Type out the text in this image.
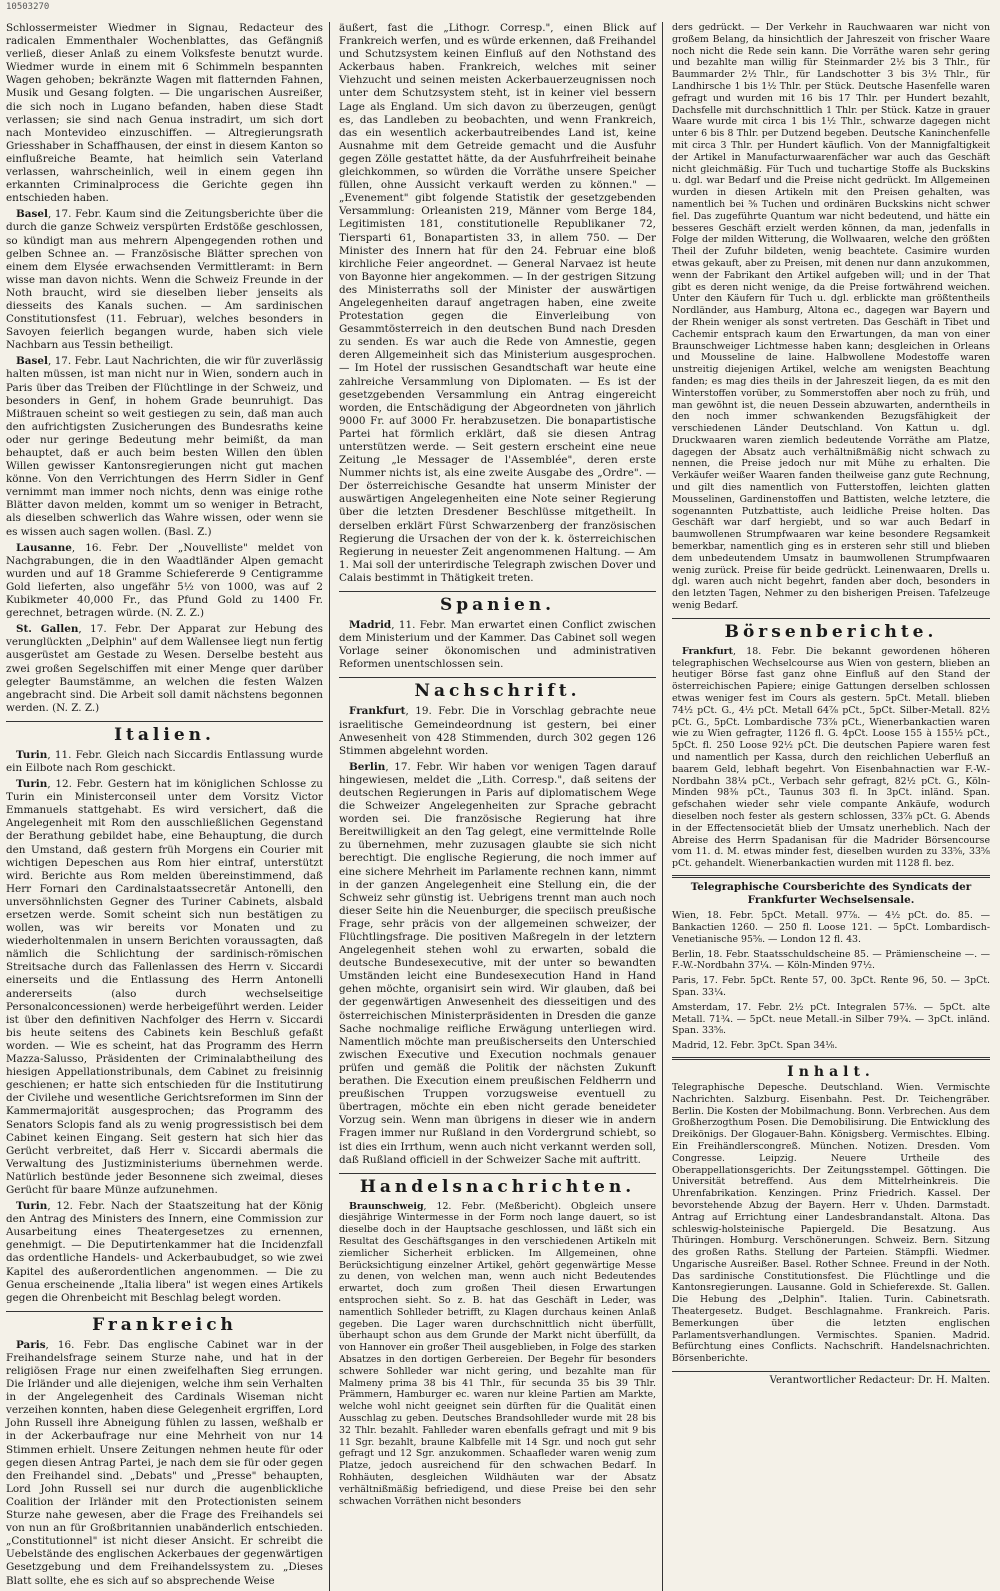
10503270

Schlossermeister Wiedmer in Signau, Redacteur des radicalen Emmenthaler Wochenblattes, das Gefängniß verließ, dieser Anlaß zu einem Volksfeste benutzt wurde. Wiedmer wurde in einem mit 6 Schimmeln bespannten Wagen gehoben; bekränzte Wagen mit flatternden Fahnen, Musik und Gesang folgten. — Die ungarischen Ausreißer, die sich noch in Lugano befanden, haben diese Stadt verlassen; sie sind nach Genua instradirt, um sich dort nach Montevideo einzuschiffen. — Altregierungsrath Griesshaber in Schaffhausen, der einst in diesem Kanton so einflußreiche Beamte, hat heimlich sein Vaterland verlassen, wahrscheinlich, weil in einem gegen ihn erkannten Criminalprocess die Gerichte gegen ihn entschieden haben.

Basel, 17. Febr. Kaum sind die Zeitungsberichte über die durch die ganze Schweiz verspürten Erdstöße geschlossen, so kündigt man aus mehrern Alpengegenden rothen und gelben Schnee an. — Französische Blätter sprechen von einem dem Elysée erwachsenden Vermittleramt: in Bern wisse man davon nichts. Wenn die Schweiz Freunde in der Noth braucht, wird sie dieselben lieber jenseits als diesseits des Kanals suchen. — Am sardinischen Constitutionsfest (11. Februar), welches besonders in Savoyen feierlich begangen wurde, haben sich viele Nachbarn aus Tessin betheiligt.

Basel, 17. Febr. Laut Nachrichten, die wir für zuverlässig halten müssen, ist man nicht nur in Wien, sondern auch in Paris über das Treiben der Flüchtlinge in der Schweiz, und besonders in Genf, in hohem Grade beunruhigt. Das Mißtrauen scheint so weit gestiegen zu sein, daß man auch den aufrichtigsten Zusicherungen des Bundesraths keine oder nur geringe Bedeutung mehr beimißt, da man behauptet, daß er auch beim besten Willen den üblen Willen gewisser Kantonsregierungen nicht gut machen könne. Von den Verrichtungen des Herrn Sidler in Genf vernimmt man immer noch nichts, denn was einige rothe Blätter davon melden, kommt um so weniger in Betracht, als dieselben schwerlich das Wahre wissen, oder wenn sie es wissen auch sagen wollen. (Basl. Z.)

Lausanne, 16. Febr. Der „Nouvelliste" meldet von Nachgrabungen, die in den Waadtländer Alpen gemacht wurden und auf 18 Gramme Schiefererde 9 Centigramme Gold lieferten, also ungefähr 5½ von 1000, was auf 2 Kubikmeter 40,000 Fr., das Pfund Gold zu 1400 Fr. gerechnet, betragen würde. (N. Z. Z.)

St. Gallen, 17. Febr. Der Apparat zur Hebung des verunglückten „Delphin" auf dem Wallensee liegt nun fertig ausgerüstet am Gestade zu Wesen. Derselbe besteht aus zwei großen Segelschiffen mit einer Menge quer darüber gelegter Baumstämme, an welchen die festen Walzen angebracht sind. Die Arbeit soll damit nächstens begonnen werden. (N. Z. Z.)

Italien.

Turin, 11. Febr. Gleich nach Siccardis Entlassung wurde ein Eilbote nach Rom geschickt.

Turin, 12. Febr. Gestern hat im königlichen Schlosse zu Turin ein Ministerconseil unter dem Vorsitz Victor Emmanuels stattgehabt. Es wird versichert, daß die Angelegenheit mit Rom den ausschließlichen Gegenstand der Berathung gebildet habe, eine Behauptung, die durch den Umstand, daß gestern früh Morgens ein Courier mit wichtigen Depeschen aus Rom hier eintraf, unterstützt wird. Berichte aus Rom melden übereinstimmend, daß Herr Fornari den Cardinalstaatssecretär Antonelli, den unversöhnlichsten Gegner des Turiner Cabinets, alsbald ersetzen werde. Somit scheint sich nun bestätigen zu wollen, was wir bereits vor Monaten und zu wiederholtenmalen in unsern Berichten voraussagten, daß nämlich die Schlichtung der sardinisch-römischen Streitsache durch das Fallenlassen des Herrn v. Siccardi einerseits und die Entlassung des Herrn Antonelli andererseits (also durch wechselseitige Personalconcessionen) werde herbeigeführt werden. Leider ist über den definitiven Nachfolger des Herrn v. Siccardi bis heute seitens des Cabinets kein Beschluß gefaßt worden. — Wie es scheint, hat das Programm des Herrn Mazza-Salusso, Präsidenten der Criminalabtheilung des hiesigen Appellationstribunals, dem Cabinet zu freisinnig geschienen; er hatte sich entschieden für die Institutirung der Civilehe und wesentliche Gerichtsreformen im Sinn der Kammermajorität ausgesprochen; das Programm des Senators Sclopis fand als zu wenig progressistisch bei dem Cabinet keinen Eingang. Seit gestern hat sich hier das Gerücht verbreitet, daß Herr v. Siccardi abermals die Verwaltung des Justizministeriums übernehmen werde. Natürlich bestünde jeder Besonnene sich zweimal, dieses Gerücht für baare Münze aufzunehmen.

Turin, 12. Febr. Nach der Staatszeitung hat der König den Antrag des Ministers des Innern, eine Commission zur Ausarbeitung eines Theatergesetzes zu ernennen, genehmigt. — Die Deputirtenkammer hat die Incidenzfall das ordentliche Handels- und Ackerbaubudget, so wie zwei Kapitel des außerordentlichen angenommen. — Die zu Genua erscheinende „Italia libera" ist wegen eines Artikels gegen die Ohrenbeicht mit Beschlag belegt worden.

Frankreich

Paris, 16. Febr. Das englische Cabinet war in der Freihandelsfrage seinem Sturze nahe, und hat in der religiösen Frage nur einen zweifelhaften Sieg errungen. Die Irländer und alle diejenigen, welche ihm sein Verhalten in der Angelegenheit des Cardinals Wiseman nicht verzeihen konnten, haben diese Gelegenheit ergriffen, Lord John Russell ihre Abneigung fühlen zu lassen, weßhalb er in der Ackerbaufrage nur eine Mehrheit von nur 14 Stimmen erhielt. Unsere Zeitungen nehmen heute für oder gegen diesen Antrag Partei, je nach dem sie für oder gegen den Freihandel sind. „Debats" und „Presse" behaupten, Lord John Russell sei nur durch die augenblickliche Coalition der Irländer mit den Protectionisten seinem Sturze nahe gewesen, aber die Frage des Freihandels sei von nun an für Großbritannien unabänderlich entschieden. „Constitutionnel" ist nicht dieser Ansicht. Er schreibt die Uebelstände des englischen Ackerbaues der gegenwärtigen Gesetzgebung und dem Freihandelssystem zu. „Dieses Blatt sollte, ehe es sich auf so absprechende Weise

äußert, fast die „Lithogr. Corresp.", einen Blick auf Frankreich werfen, und es würde erkennen, daß Freihandel und Schutzsystem keinen Einfluß auf den Nothstand des Ackerbaus haben. Frankreich, welches mit seiner Viehzucht und seinen meisten Ackerbauerzeugnissen noch unter dem Schutzsystem steht, ist in keiner viel bessern Lage als England. Um sich davon zu überzeugen, genügt es, das Landleben zu beobachten, und wenn Frankreich, das ein wesentlich ackerbautreibendes Land ist, keine Ausnahme mit dem Getreide gemacht und die Ausfuhr gegen Zölle gestattet hätte, da der Ausfuhrfreiheit beinahe gleichkommen, so würden die Vorräthe unsere Speicher füllen, ohne Aussicht verkauft werden zu können." — „Evenement" gibt folgende Statistik der gesetzgebenden Versammlung: Orleanisten 219, Männer vom Berge 184, Legitimisten 181, constitutionelle Republikaner 72, Tiersparti 61, Bonapartisten 33, in allem 750. — Der Minister des Innern hat für den 24. Februar eine bloß kirchliche Feier angeordnet. — General Narvaez ist heute von Bayonne hier angekommen. — In der gestrigen Sitzung des Ministerraths soll der Minister der auswärtigen Angelegenheiten darauf angetragen haben, eine zweite Protestation gegen die Einverleibung von Gesammtösterreich in den deutschen Bund nach Dresden zu senden. Es war auch die Rede von Amnestie, gegen deren Allgemeinheit sich das Ministerium ausgesprochen. — Im Hotel der russischen Gesandtschaft war heute eine zahlreiche Versammlung von Diplomaten. — Es ist der gesetzgebenden Versammlung ein Antrag eingereicht worden, die Entschädigung der Abgeordneten von jährlich 9000 Fr. auf 3000 Fr. herabzusetzen. Die bonapartistische Partei hat förmlich erklärt, daß sie diesen Antrag unterstützen werde. — Seit gestern erscheint eine neue Zeitung „le Messager de l'Assemblée", deren erste Nummer nichts ist, als eine zweite Ausgabe des „Ordre". — Der österreichische Gesandte hat unserm Minister der auswärtigen Angelegenheiten eine Note seiner Regierung über die letzten Dresdener Beschlüsse mitgetheilt. In derselben erklärt Fürst Schwarzenberg der französischen Regierung die Ursachen der von der k. k. österreichischen Regierung in neuester Zeit angenommenen Haltung. — Am 1. Mai soll der unterirdische Telegraph zwischen Dover und Calais bestimmt in Thätigkeit treten.

Spanien.

Madrid, 11. Febr. Man erwartet einen Conflict zwischen dem Ministerium und der Kammer. Das Cabinet soll wegen Vorlage seiner ökonomischen und administrativen Reformen unentschlossen sein.

Nachschrift.

Frankfurt, 19. Febr. Die in Vorschlag gebrachte neue israelitische Gemeindeordnung ist gestern, bei einer Anwesenheit von 428 Stimmenden, durch 302 gegen 126 Stimmen abgelehnt worden.

Berlin, 17. Febr. Wir haben vor wenigen Tagen darauf hingewiesen, meldet die „Lith. Corresp.", daß seitens der deutschen Regierungen in Paris auf diplomatischem Wege die Schweizer Angelegenheiten zur Sprache gebracht worden sei. Die französische Regierung hat ihre Bereitwilligkeit an den Tag gelegt, eine vermittelnde Rolle zu übernehmen, mehr zuzusagen glaubte sie sich nicht berechtigt. Die englische Regierung, die noch immer auf eine sichere Mehrheit im Parlamente rechnen kann, nimmt in der ganzen Angelegenheit eine Stellung ein, die der Schweiz sehr günstig ist. Uebrigens trennt man auch noch dieser Seite hin die Neuenburger, die speciisch preußische Frage, sehr präcis von der allgemeinen schweizer, der Flüchtlingsfrage. Die positiven Maßregeln in der letztern Angelegenheit stehen wohl zu erwarten, sobald die deutsche Bundesexecutive, mit der unter so bewandten Umständen leicht eine Bundesexecution Hand in Hand gehen möchte, organisirt sein wird. Wir glauben, daß bei der gegenwärtigen Anwesenheit des diesseitigen und des österreichischen Ministerpräsidenten in Dresden die ganze Sache nochmalige reifliche Erwägung unterliegen wird. Namentlich möchte man preußischerseits den Unterschied zwischen Executive und Execution nochmals genauer prüfen und gemäß die Politik der nächsten Zukunft berathen. Die Execution einem preußischen Feldherrn und preußischen Truppen vorzugsweise eventuell zu übertragen, möchte ein eben nicht gerade beneideter Vorzug sein. Wenn man übrigens in dieser wie in andern Fragen immer nur Rußland in den Vordergrund schiebt, so ist dies ein Irrthum, wenn auch nicht verkannt werden soll, daß Rußland officiell in der Schweizer Sache mit auftritt.

Handelsnachrichten.

Braunschweig, 12. Febr. (Meßbericht). Obgleich unsere diesjährige Wintermesse in der Form noch lange dauert, so ist dieselbe doch in der Hauptsache geschlossen, und läßt sich ein Resultat des Geschäftsganges in den verschiedenen Artikeln mit ziemlicher Sicherheit erblicken. Im Allgemeinen, ohne Berücksichtigung einzelner Artikel, gehört gegenwärtige Messe zu denen, von welchen man, wenn auch nicht Bedeutendes erwartet, doch zum großen Theil diesen Erwartungen entsprochen sieht. So z. B. hat das Geschäft in Leder, was namentlich Sohlleder betrifft, zu Klagen durchaus keinen Anlaß gegeben. Die Lager waren durchschnittlich nicht überfüllt, überhaupt schon aus dem Grunde der Markt nicht überfüllt, da von Hannover ein großer Theil ausgeblieben, in Folge des starken Absatzes in den dortigen Gerbereien. Der Begehr für besonders schwere Sohlleder war nicht gering, und bezahlte man für Malmeny prima 38 bis 41 Thlr., für secunda 35 bis 39 Thlr. Prämmern, Hamburger ec. waren nur kleine Partien am Markte, welche wohl nicht geeignet sein dürften für die Qualität einen Ausschlag zu geben. Deutsches Brandsohlleder wurde mit 28 bis 32 Thlr. bezahlt. Fahlleder waren ebenfalls gefragt und mit 9 bis 11 Sgr. bezahlt, braune Kalbfelle mit 14 Sgr. und noch gut sehr gefragt und 12 Sgr. anzukommen. Schaafleder waren wenig zum Platze, jedoch ausreichend für den schwachen Bedarf. In Rohhäuten, desgleichen Wildhäuten war der Absatz verhältnißmäßig befriedigend, und diese Preise bei den sehr schwachen Vorräthen nicht besonders

ders gedrückt. — Der Verkehr in Rauchwaaren war nicht von großem Belang, da hinsichtlich der Jahreszeit von frischer Waare noch nicht die Rede sein kann. Die Vorräthe waren sehr gering und bezahlte man willig für Steinmarder 2½ bis 3 Thlr., für Baummarder 2½ Thlr., für Landschotter 3 bis 3½ Thlr., für Landhirsche 1 bis 1½ Thlr. per Stück. Deutsche Hasenfelle waren gefragt und wurden mit 16 bis 17 Thlr. per Hundert bezahlt, Dachsfelle mit durchschnittlich 1 Thlr. per Stück. Katze in grauer Waare wurde mit circa 1 bis 1½ Thlr., schwarze dagegen nicht unter 6 bis 8 Thlr. per Dutzend begeben. Deutsche Kaninchenfelle mit circa 3 Thlr. per Hundert käuflich. Von der Mannigfaltigkeit der Artikel in Manufacturwaarenfächer war auch das Geschäft nicht gleichmäßig. Für Tuch und tuchartige Stoffe als Buckskins u. dgl. war Bedarf und die Preise nicht gedrückt. Im Allgemeinen wurden in diesen Artikeln mit den Preisen gehalten, was namentlich bei ⅝ Tuchen und ordinären Buckskins nicht schwer fiel. Das zugeführte Quantum war nicht bedeutend, und hätte ein besseres Geschäft erzielt werden können, da man, jedenfalls in Folge der milden Witterung, die Wollwaaren, welche den größten Theil der Zufuhr bildeten, wenig beachtete. Casimire wurden etwas gekauft, aber zu Preisen, mit denen nur dann anzukommen, wenn der Fabrikant den Artikel aufgeben will; und in der That gibt es deren nicht wenige, da die Preise fortwährend weichen. Unter den Käufern für Tuch u. dgl. erblickte man größtentheils Nordländer, aus Hamburg, Altona ec., dagegen war Bayern und der Rhein weniger als sonst vertreten. Das Geschäft in Tibet und Cachemir entsprach kaum den Erwartungen, da man von einer Braunschweiger Lichtmesse haben kann; desgleichen in Orleans und Mousseline de laine. Halbwollene Modestoffe waren unstreitig diejenigen Artikel, welche am wenigsten Beachtung fanden; es mag dies theils in der Jahreszeit liegen, da es mit den Winterstoffen vorüber, zu Sommerstoffen aber noch zu früh, und man gewöhnt ist, die neuen Dessein abzuwarten, anderntheils in den noch immer schwankenden Bezugsfähigkeit der verschiedenen Länder Deutschland. Von Kattun u. dgl. Druckwaaren waren ziemlich bedeutende Vorräthe am Platze, dagegen der Absatz auch verhältnißmäßig nicht schwach zu nennen, die Preise jedoch nur mit Mühe zu erhalten. Die Verkäufer weißer Waaren fanden theilweise ganz gute Rechnung, und gilt dies namentlich von Futterstoffen, leichten glatten Mousselinen, Gardinenstoffen und Battisten, welche letztere, die sogenannten Putzbattiste, auch leidliche Preise holten. Das Geschäft war darf hergiebt, und so war auch Bedarf in baumwollenen Strumpfwaaren war keine besondere Regsamkeit bemerkbar, namentlich ging es in ersteren sehr still und blieben dem unbedeutendem Umsatz in baumwollenen Strumpfwaaren wenig zurück. Preise für beide gedrückt. Leinenwaaren, Drells u. dgl. waren auch nicht begehrt, fanden aber doch, besonders in den letzten Tagen, Nehmer zu den bisherigen Preisen. Tafelzeuge wenig Bedarf.

Börsenberichte.

Frankfurt, 18. Febr. Die bekannt gewordenen höheren telegraphischen Wechselcourse aus Wien von gestern, blieben an heutiger Börse fast ganz ohne Einfluß auf den Stand der österreichischen Papiere; einige Gattungen derselben schlossen etwas weniger fest im Cours als gestern. 5pCt. Metall. blieben 74½ pCt. G., 4½ pCt. Metall 64⅞ pCt., 5pCt. Silber-Metall. 82½ pCt. G., 5pCt. Lombardische 73⅞ pCt., Wienerbankactien waren wie zu Wien gefragter, 1126 fl. G. 4pCt. Loose 155 à 155½ pCt., 5pCt. fl. 250 Loose 92½ pCt. Die deutschen Papiere waren fest und namentlich per Kassa, durch den reichlichen Ueberfluß an baarem Geld, lebhaft begehrt. Von Eisenbahnactien war F.-W.-Nordbahn 38¼ pCt., Verbach sehr gefragt, 82½ pCt. G., Köln-Minden 98⅜ pCt., Taunus 303 fl. In 3pCt. inländ. Span. gefschahen wieder sehr viele compante Ankäufe, wodurch dieselben noch fester als gestern schlossen, 33⅞ pCt. G. Abends in der Effectensocietät blieb der Umsatz unerheblich. Nach der Abreise des Herrn Spadanisan für die Madrider Börsencourse vom 11. d. M. etwas minder fest, dieselben wurden zu 33⅝, 33⅝ pCt. gehandelt. Wienerbankactien wurden mit 1128 fl. bez.

Telegraphische Coursberichte des Syndicats der Frankfurter Wechselsensale.

Wien, 18. Febr. 5pCt. Metall. 97⅞. — 4½ pCt. do. 85. — Bankactien 1260. — 250 fl. Loose 121. — 5pCt. Lombardisch-Venetianische 95⅝. — London 12 fl. 43.

Berlin, 18. Febr. Staatsschuldscheine 85. — Prämienscheine —. — F.-W.-Nordbahn 37¼. — Köln-Minden 97½.

Paris, 17. Febr. 5pCt. Rente 57, 00. 3pCt. Rente 96, 50. — 3pCt. Span. 33¼.

Amsterdam, 17. Febr. 2½ pCt. Integralen 57⅜. — 5pCt. alte Metall. 71¾. — 5pCt. neue Metall.-in Silber 79¾. — 3pCt. inländ. Span. 33⅝.

Madrid, 12. Febr. 3pCt. Span 34⅛.

Inhalt.

Telegraphische Depesche. Deutschland. Wien. Vermischte Nachrichten. Salzburg. Eisenbahn. Pest. Dr. Teichengräber. Berlin. Die Kosten der Mobilmachung. Bonn. Verbrechen. Aus dem Großherzogthum Posen. Die Demobilisirung. Die Entwicklung des Dreikönigs. Der Glogauer-Bahn. Königsberg. Vermischtes. Elbing. Ein Freihändlerscongreß. München. Notizen. Dresden. Vom Congresse. Leipzig. Neuere Urtheile des Oberappellationsgerichts. Der Zeitungsstempel. Göttingen. Die Universität betreffend. Aus dem Mittelrheinkreis. Die Uhrenfabrikation. Kenzingen. Prinz Friedrich. Kassel. Der bevorstehende Abzug der Bayern. Herr v. Uhden. Darmstadt. Antrag auf Errichtung einer Landesbrandanstalt. Altona. Das schleswig-holsteinische Papiergeld. Die Besatzung. Aus Thüringen. Homburg. Verschönerungen. Schweiz. Bern. Sitzung des großen Raths. Stellung der Parteien. Stämpfli. Wiedmer. Ungarische Ausreißer. Basel. Rother Schnee. Freund in der Noth. Das sardinische Constitutionsfest. Die Flüchtlinge und die Kantonsregierungen. Lausanne. Gold in Schieferexde. St. Gallen. Die Hebung des „Delphin". Italien. Turin. Cabinetsrath. Theatergesetz. Budget. Beschlagnahme. Frankreich. Paris. Bemerkungen über die letzten englischen Parlamentsverhandlungen. Vermischtes. Spanien. Madrid. Befürchtung eines Conflicts. Nachschrift. Handelsnachrichten. Börsenberichte.

Verantwortlicher Redacteur: Dr. H. Malten.
